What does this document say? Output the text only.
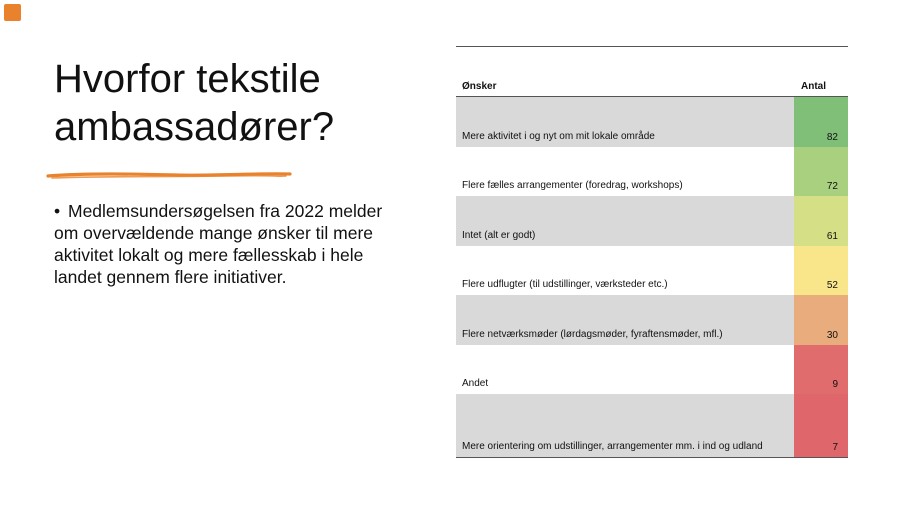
Hvorfor tekstile ambassadører?
• Medlemsundersøgelsen fra 2022 melder om overvældende mange ønsker til mere aktivitet lokalt og mere fællesskab i hele landet gennem flere initiativer.
Ønsker	Antal
Mere aktivitet i og nyt om mit lokale område	82
Flere fælles arrangementer (foredrag, workshops)	72
Intet (alt er godt)	61
Flere udflugter (til udstillinger, værksteder etc.)	52
Flere netværksmøder (lørdagsmøder, fyraftensmøder, mfl.)	30
Andet	9
Mere orientering om udstillinger, arrangementer mm. i ind og udland	7
